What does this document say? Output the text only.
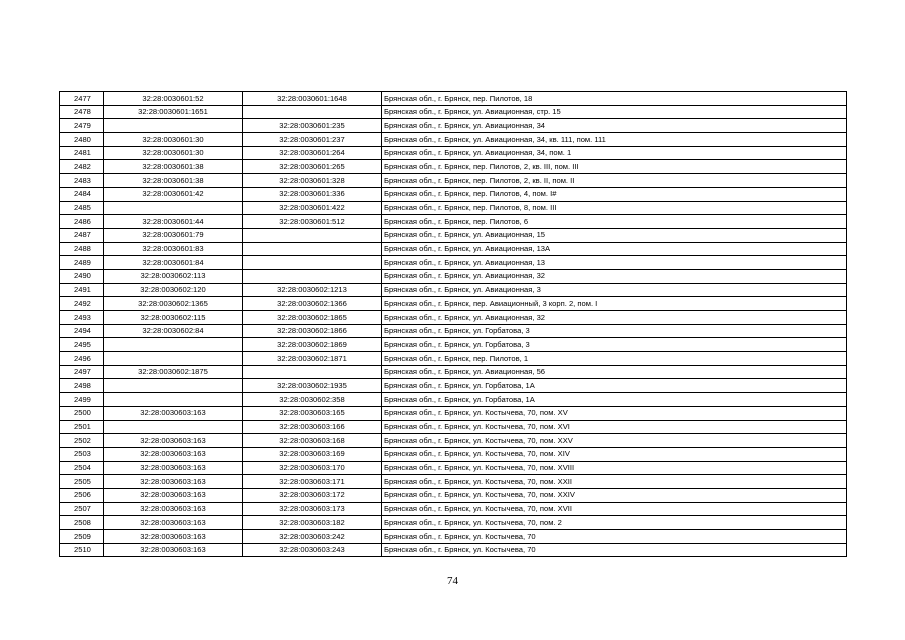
2477	32:28:0030601:52	32:28:0030601:1648	Брянская обл., г. Брянск, пер. Пилотов, 18
2478	32:28:0030601:1651		Брянская обл., г. Брянск, ул. Авиационная, стр. 15
2479		32:28:0030601:235	Брянская обл., г. Брянск, ул. Авиационная, 34
2480	32:28:0030601:30	32:28:0030601:237	Брянская обл., г. Брянск, ул. Авиационная, 34, кв. 111, пом. 111
2481	32:28:0030601:30	32:28:0030601:264	Брянская обл., г. Брянск, ул. Авиационная, 34, пом. 1
2482	32:28:0030601:38	32:28:0030601:265	Брянская обл., г. Брянск, пер. Пилотов, 2, кв. III, пом. III
2483	32:28:0030601:38	32:28:0030601:328	Брянская обл., г. Брянск, пер. Пилотов, 2, кв. II, пом. II
2484	32:28:0030601:42	32:28:0030601:336	Брянская обл., г. Брянск, пер. Пилотов, 4, пом. I#
2485		32:28:0030601:422	Брянская обл., г. Брянск, пер. Пилотов, 8, пом. III
2486	32:28:0030601:44	32:28:0030601:512	Брянская обл., г. Брянск, пер. Пилотов, 6
2487	32:28:0030601:79		Брянская обл., г. Брянск, ул. Авиационная, 15
2488	32:28:0030601:83		Брянская обл., г. Брянск, ул. Авиационная, 13А
2489	32:28:0030601:84		Брянская обл., г. Брянск, ул. Авиационная, 13
2490	32:28:0030602:113		Брянская обл., г. Брянск, ул. Авиационная, 32
2491	32:28:0030602:120	32:28:0030602:1213	Брянская обл., г. Брянск, ул. Авиационная, 3
2492	32:28:0030602:1365	32:28:0030602:1366	Брянская обл., г. Брянск, пер. Авиационный, 3 корп. 2, пом. I
2493	32:28:0030602:115	32:28:0030602:1865	Брянская обл., г. Брянск, ул. Авиационная, 32
2494	32:28:0030602:84	32:28:0030602:1866	Брянская обл., г. Брянск, ул. Горбатова, 3
2495		32:28:0030602:1869	Брянская обл., г. Брянск, ул. Горбатова, 3
2496		32:28:0030602:1871	Брянская обл., г. Брянск, пер. Пилотов, 1
2497	32:28:0030602:1875		Брянская обл., г. Брянск, ул. Авиационная, 56
2498		32:28:0030602:1935	Брянская обл., г. Брянск, ул. Горбатова, 1А
2499		32:28:0030602:358	Брянская обл., г. Брянск, ул. Горбатова, 1А
2500	32:28:0030603:163	32:28:0030603:165	Брянская обл., г. Брянск, ул. Костычева, 70, пом. XV
2501		32:28:0030603:166	Брянская обл., г. Брянск, ул. Костычева, 70, пом. XVI
2502	32:28:0030603:163	32:28:0030603:168	Брянская обл., г. Брянск, ул. Костычева, 70, пом. XXV
2503	32:28:0030603:163	32:28:0030603:169	Брянская обл., г. Брянск, ул. Костычева, 70, пом. XIV
2504	32:28:0030603:163	32:28:0030603:170	Брянская обл., г. Брянск, ул. Костычева, 70, пом. XVIII
2505	32:28:0030603:163	32:28:0030603:171	Брянская обл., г. Брянск, ул. Костычева, 70, пом. XXII
2506	32:28:0030603:163	32:28:0030603:172	Брянская обл., г. Брянск, ул. Костычева, 70, пом. XXIV
2507	32:28:0030603:163	32:28:0030603:173	Брянская обл., г. Брянск, ул. Костычева, 70, пом. XVII
2508	32:28:0030603:163	32:28:0030603:182	Брянская обл., г. Брянск, ул. Костычева, 70, пом. 2
2509	32:28:0030603:163	32:28:0030603:242	Брянская обл., г. Брянск, ул. Костычева, 70
2510	32:28:0030603:163	32:28:0030603:243	Брянская обл., г. Брянск, ул. Костычева, 70
74
